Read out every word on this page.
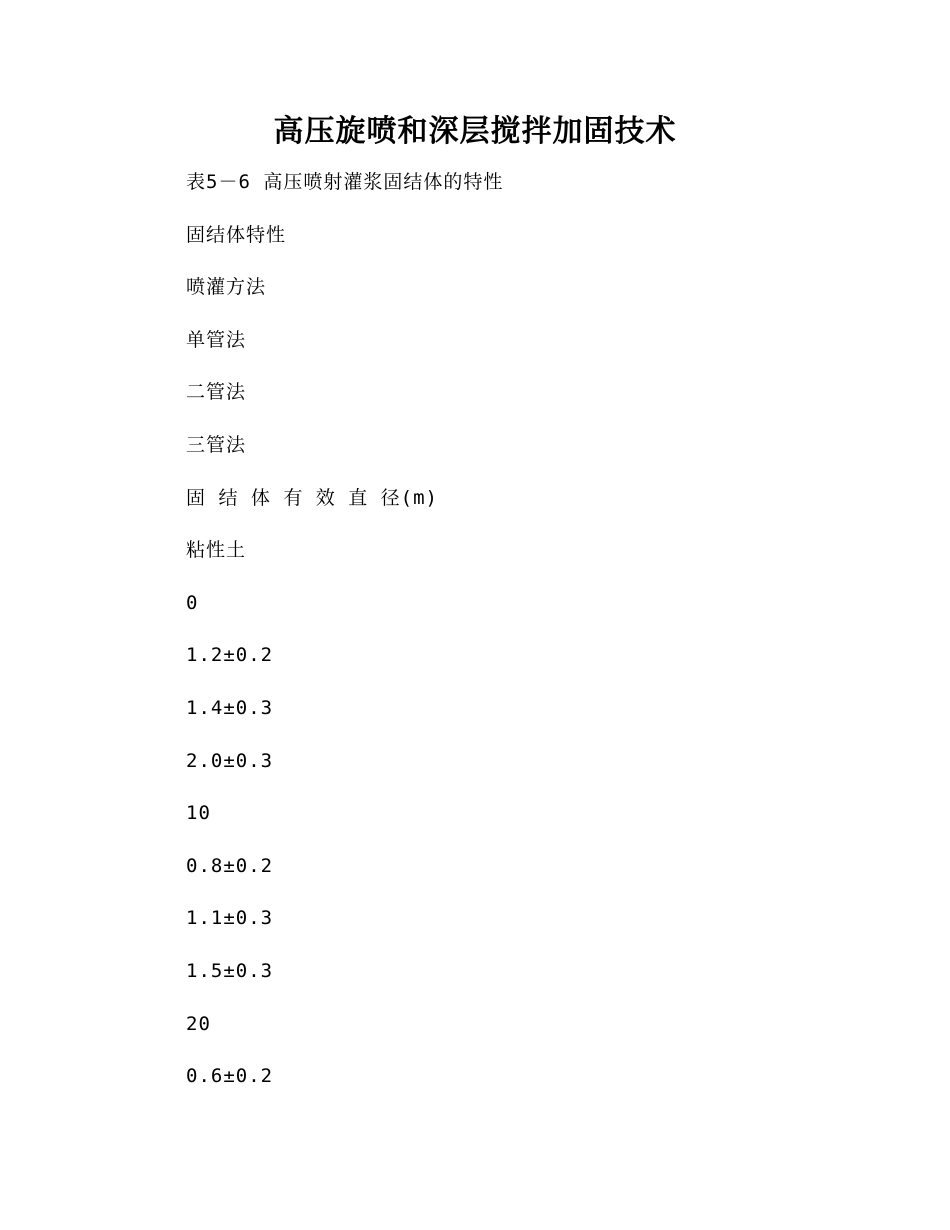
高压旋喷和深层搅拌加固技术
表5－6 高压喷射灌浆固结体的特性
固结体特性
喷灌方法
单管法
二管法
三管法
固 结 体 有 效 直 径(m)
粘性土
0
1.2±0.2
1.4±0.3
2.0±0.3
10
0.8±0.2
1.1±0.3
1.5±0.3
20
0.6±0.2
